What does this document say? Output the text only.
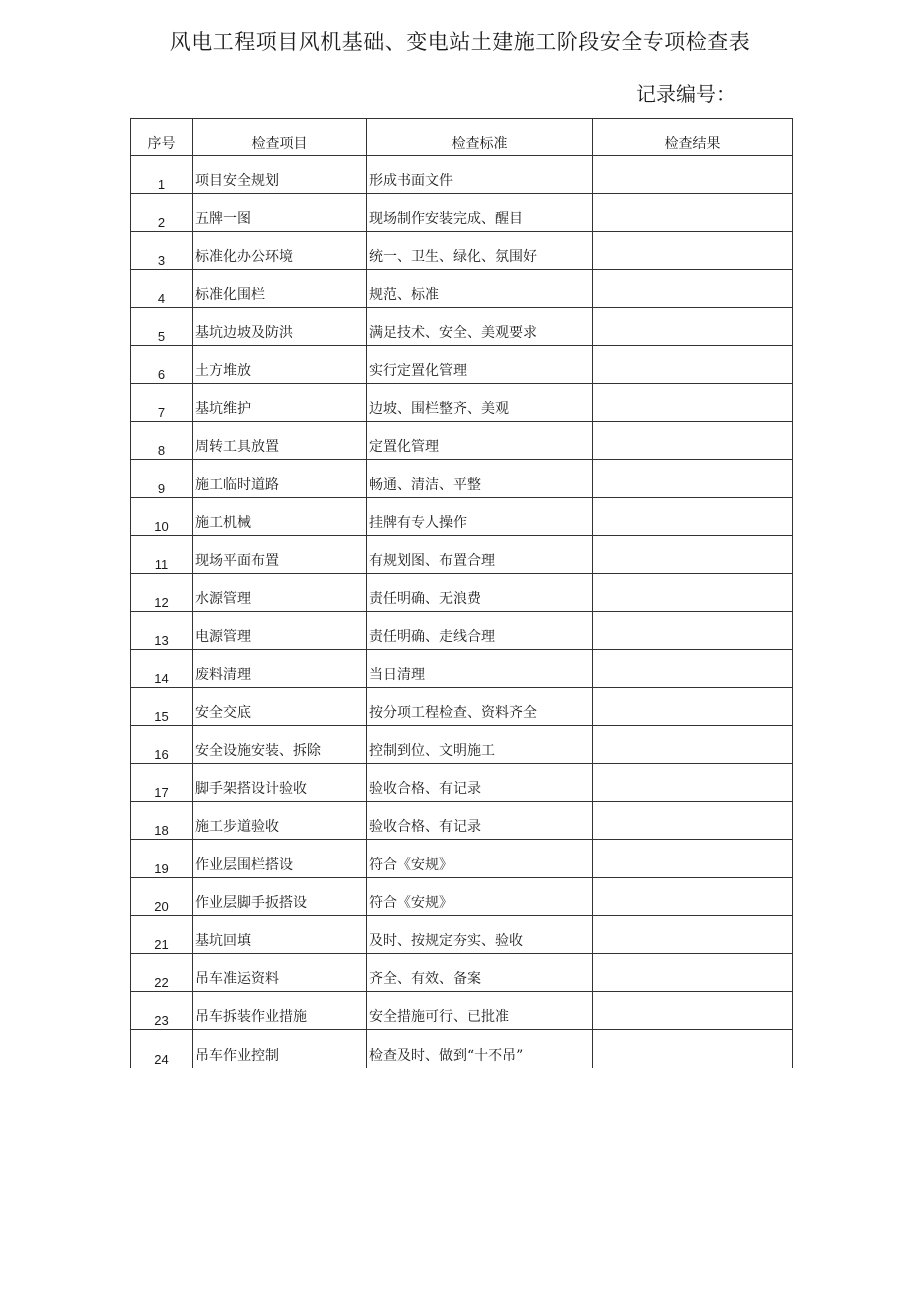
风电工程项目风机基础、变电站土建施工阶段安全专项检查表
记录编号：
序号	检查项目	检查标准	检查结果
1	项目安全规划	形成书面文件	
2	五牌一图	现场制作安装完成、醒目	
3	标准化办公环境	统一、卫生、绿化、氛围好	
4	标准化围栏	规范、标准	
5	基坑边坡及防洪	满足技术、安全、美观要求	
6	土方堆放	实行定置化管理	
7	基坑维护	边坡、围栏整齐、美观	
8	周转工具放置	定置化管理	
9	施工临时道路	畅通、清洁、平整	
10	施工机械	挂牌有专人操作	
11	现场平面布置	有规划图、布置合理	
12	水源管理	责任明确、无浪费	
13	电源管理	责任明确、走线合理	
14	废料清理	当日清理	
15	安全交底	按分项工程检查、资料齐全	
16	安全设施安装、拆除	控制到位、文明施工	
17	脚手架搭设计验收	验收合格、有记录	
18	施工步道验收	验收合格、有记录	
19	作业层围栏搭设	符合《安规》	
20	作业层脚手扳搭设	符合《安规》	
21	基坑回填	及时、按规定夯实、验收	
22	吊车准运资料	齐全、有效、备案	
23	吊车拆装作业措施	安全措施可行、已批准	
24	吊车作业控制	检查及时、做到“十不吊”	
